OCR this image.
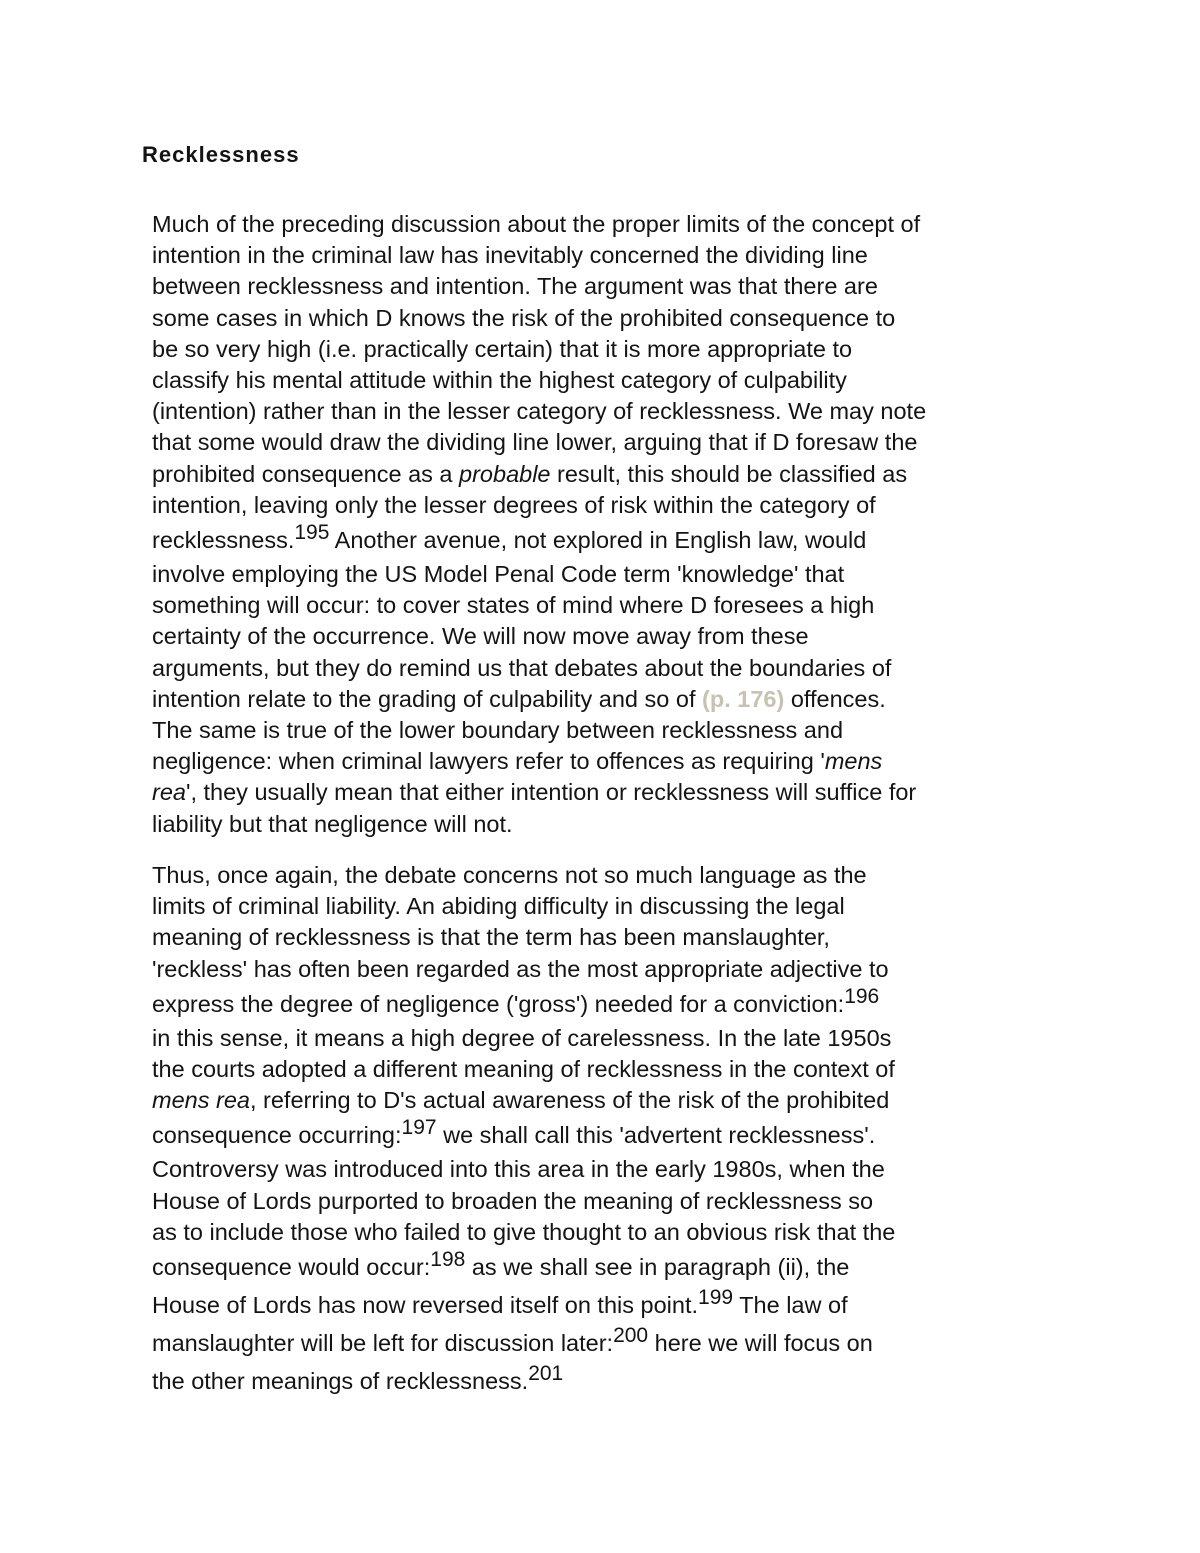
Recklessness
Much of the preceding discussion about the proper limits of the concept of
intention in the criminal law has inevitably concerned the dividing line
between recklessness and intention. The argument was that there are
some cases in which D knows the risk of the prohibited consequence to
be so very high (i.e. practically certain) that it is more appropriate to
classify his mental attitude within the highest category of culpability
(intention) rather than in the lesser category of recklessness. We may note
that some would draw the dividing line lower, arguing that if D foresaw the
prohibited consequence as a probable result, this should be classified as
intention, leaving only the lesser degrees of risk within the category of
recklessness.$^{195}$ Another avenue, not explored in English law, would
involve employing the US Model Penal Code term 'knowledge' that
something will occur: to cover states of mind where D foresees a high
certainty of the occurrence. We will now move away from these
arguments, but they do remind us that debates about the boundaries of
intention relate to the grading of culpability and so of (p. 176) offences.
The same is true of the lower boundary between recklessness and
negligence: when criminal lawyers refer to offences as requiring 'mens
rea', they usually mean that either intention or recklessness will suffice for
liability but that negligence will not.
Thus, once again, the debate concerns not so much language as the
limits of criminal liability. An abiding difficulty in discussing the legal
meaning of recklessness is that the term has been manslaughter,
'reckless' has often been regarded as the most appropriate adjective to
express the degree of negligence ('gross') needed for a conviction:$^{196}$
in this sense, it means a high degree of carelessness. In the late 1950s
the courts adopted a different meaning of recklessness in the context of
mens rea, referring to D's actual awareness of the risk of the prohibited
consequence occurring:$^{197}$ we shall call this 'advertent recklessness'.
Controversy was introduced into this area in the early 1980s, when the
House of Lords purported to broaden the meaning of recklessness so
as to include those who failed to give thought to an obvious risk that the
consequence would occur:$^{198}$ as we shall see in paragraph (ii), the
House of Lords has now reversed itself on this point.$^{199}$ The law of
manslaughter will be left for discussion later:$^{200}$ here we will focus on
the other meanings of recklessness.$^{201}$
